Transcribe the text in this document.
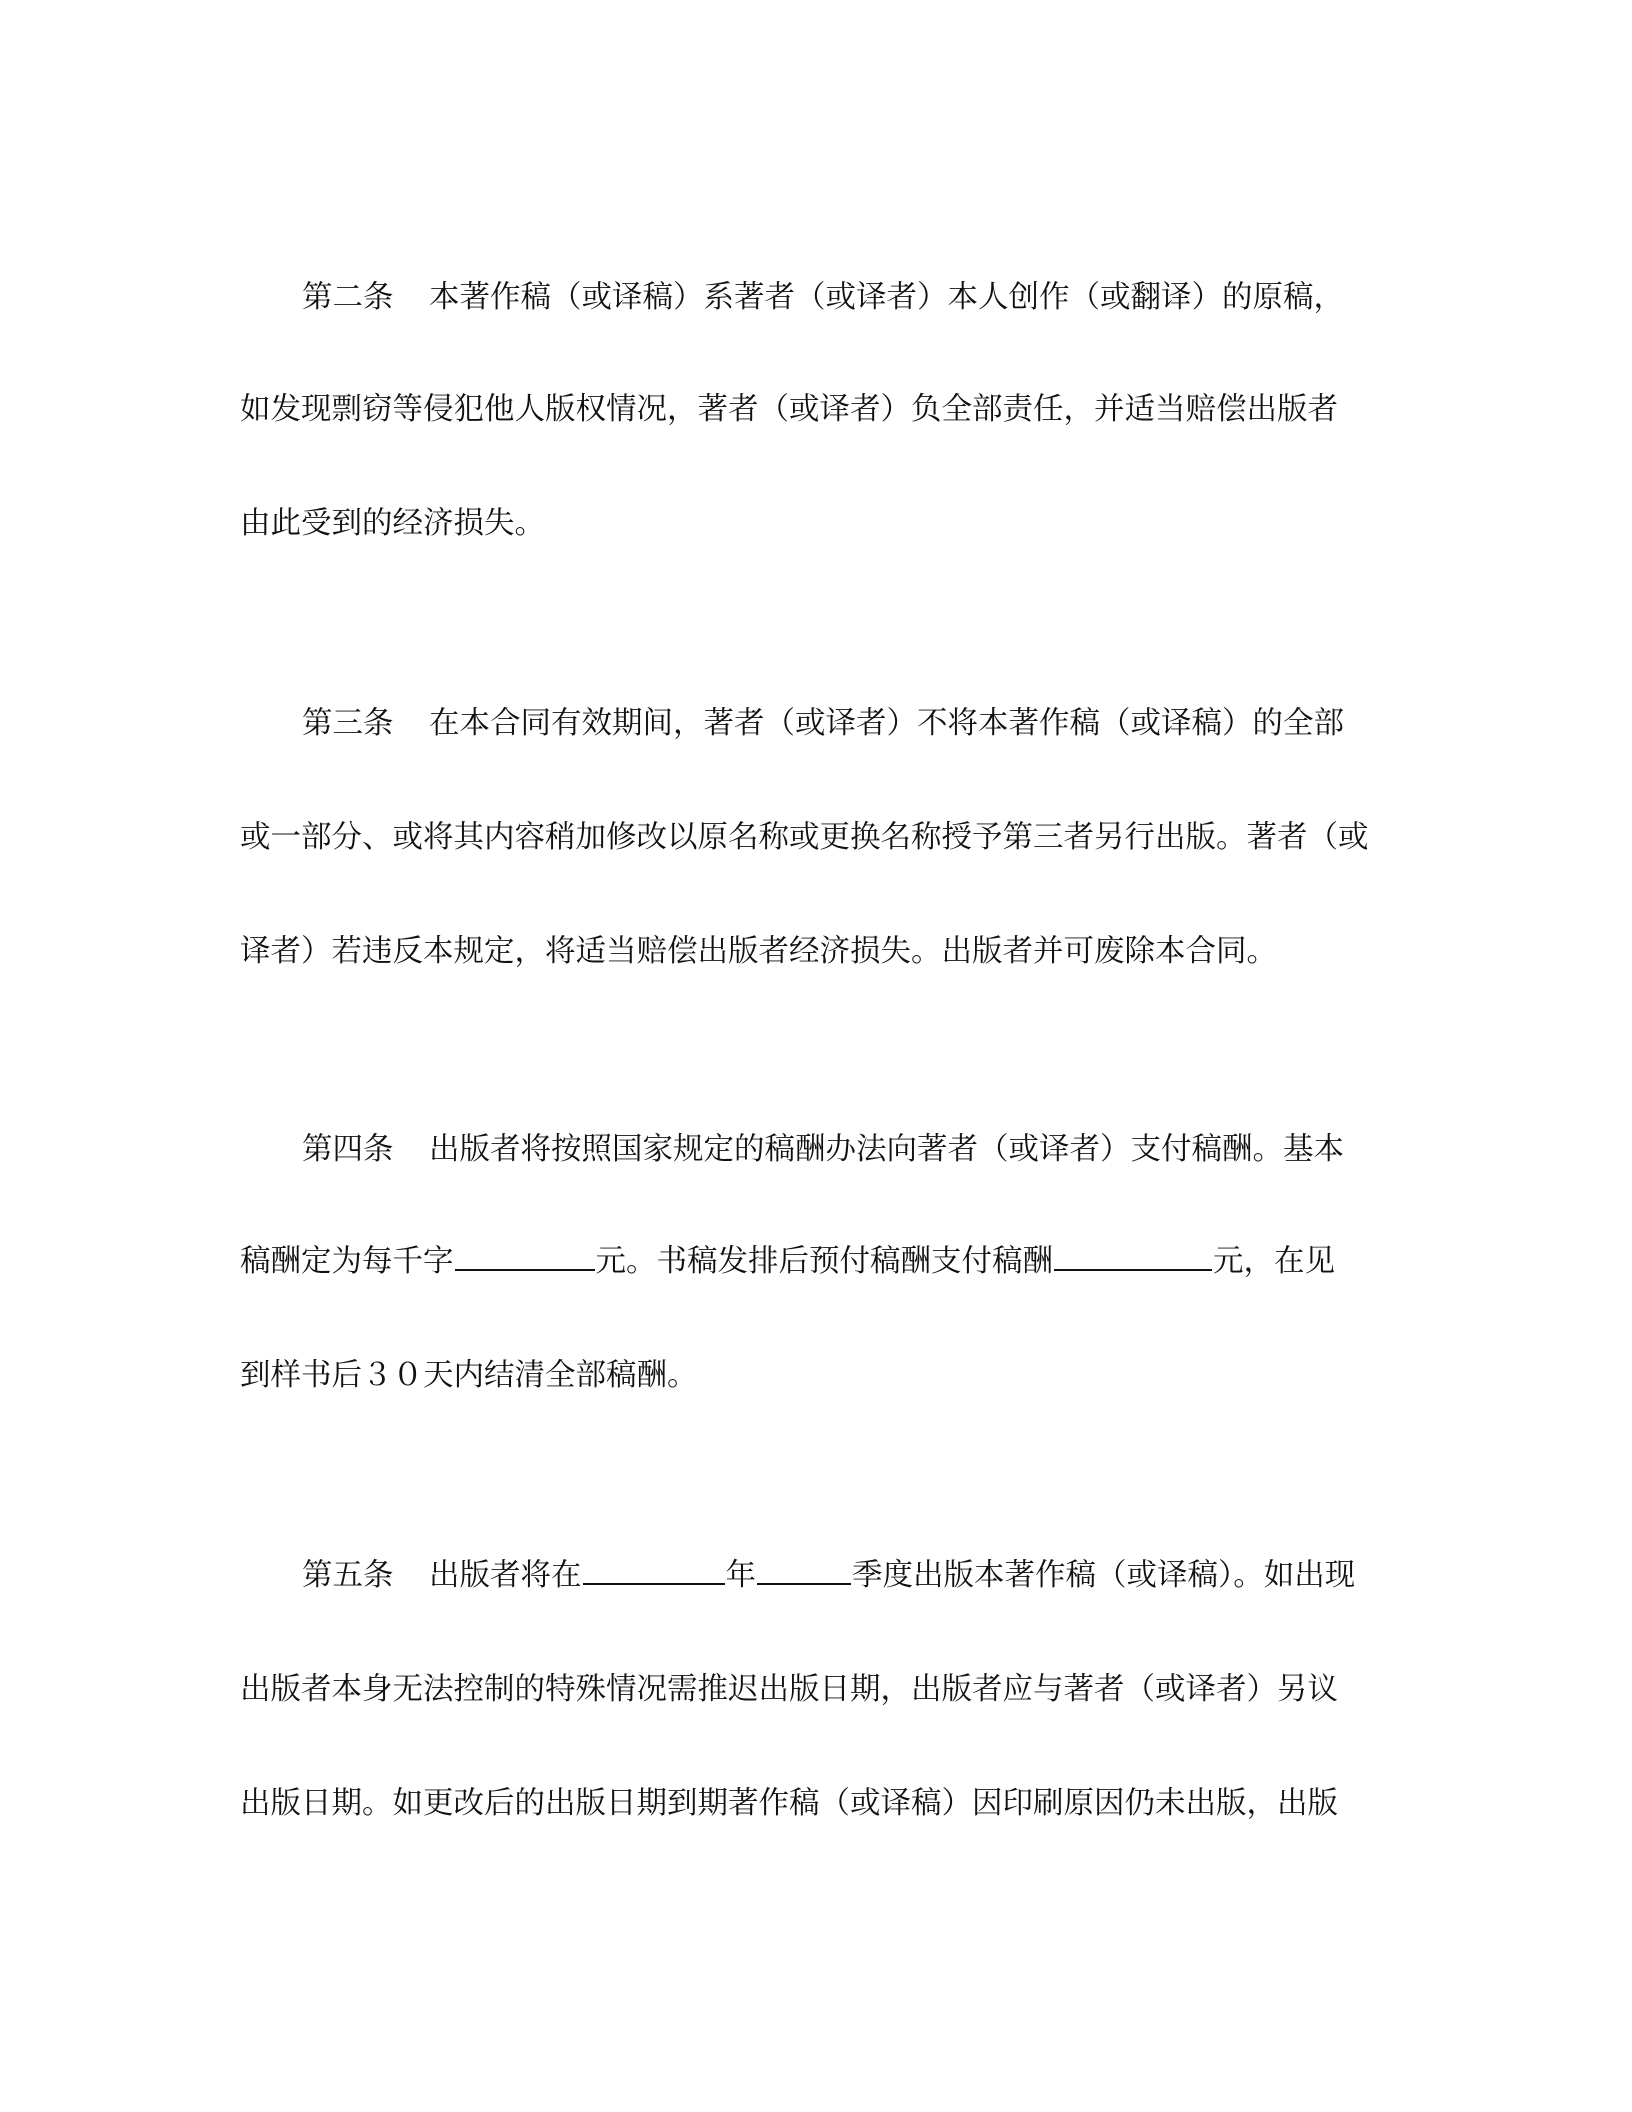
第二条 本著作稿（或译稿）系著者（或译者）本人创作（或翻译）的原稿，
如发现剽窃等侵犯他人版权情况，著者（或译者）负全部责任，并适当赔偿出版者
由此受到的经济损失。
第三条 在本合同有效期间，著者（或译者）不将本著作稿（或译稿）的全部
或一部分、或将其内容稍加修改以原名称或更换名称授予第三者另行出版。著者（或
译者）若违反本规定，将适当赔偿出版者经济损失。出版者并可废除本合同。
第四条 出版者将按照国家规定的稿酬办法向著者（或译者）支付稿酬。基本
稿酬定为每千字	元。书稿发排后预付稿酬支付稿酬	元，在见
到样书后３０天内结清全部稿酬。
第五条 出版者将在	年	季度出版本著作稿（或译稿）。如出现
出版者本身无法控制的特殊情况需推迟出版日期，出版者应与著者（或译者）另议
出版日期。如更改后的出版日期到期著作稿（或译稿）因印刷原因仍未出版，出版
